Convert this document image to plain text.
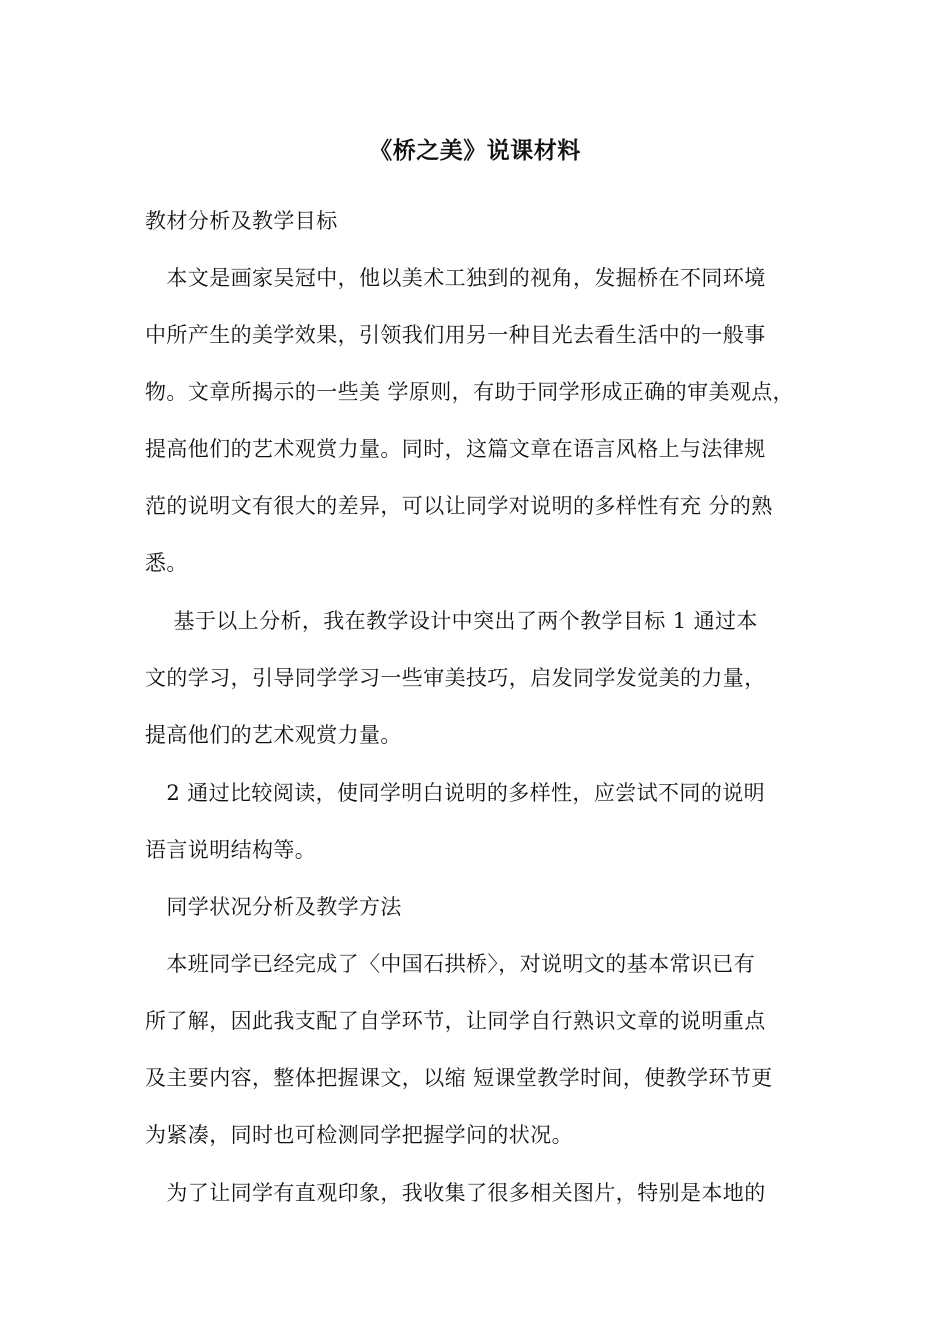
《桥之美》说课材料
教材分析及教学目标
　本文是画家吴冠中，他以美术工独到的视角，发掘桥在不同环境
中所产生的美学效果，引领我们用另一种目光去看生活中的一般事
物。文章所揭示的一些美 学原则，有助于同学形成正确的审美观点，
提高他们的艺术观赏力量。同时，这篇文章在语言风格上与法律规
范的说明文有很大的差异，可以让同学对说明的多样性有充 分的熟
悉。
　 基于以上分析，我在教学设计中突出了两个教学目标 1 通过本
文的学习，引导同学学习一些审美技巧，启发同学发觉美的力量，
提高他们的艺术观赏力量。
　2 通过比较阅读，使同学明白说明的多样性，应尝试不同的说明
语言说明结构等。
　同学状况分析及教学方法
　本班同学已经完成了〈中国石拱桥〉，对说明文的基本常识已有
所了解，因此我支配了自学环节，让同学自行熟识文章的说明重点
及主要内容，整体把握课文，以缩 短课堂教学时间，使教学环节更
为紧凑，同时也可检测同学把握学问的状况。
　为了让同学有直观印象，我收集了很多相关图片，特别是本地的
